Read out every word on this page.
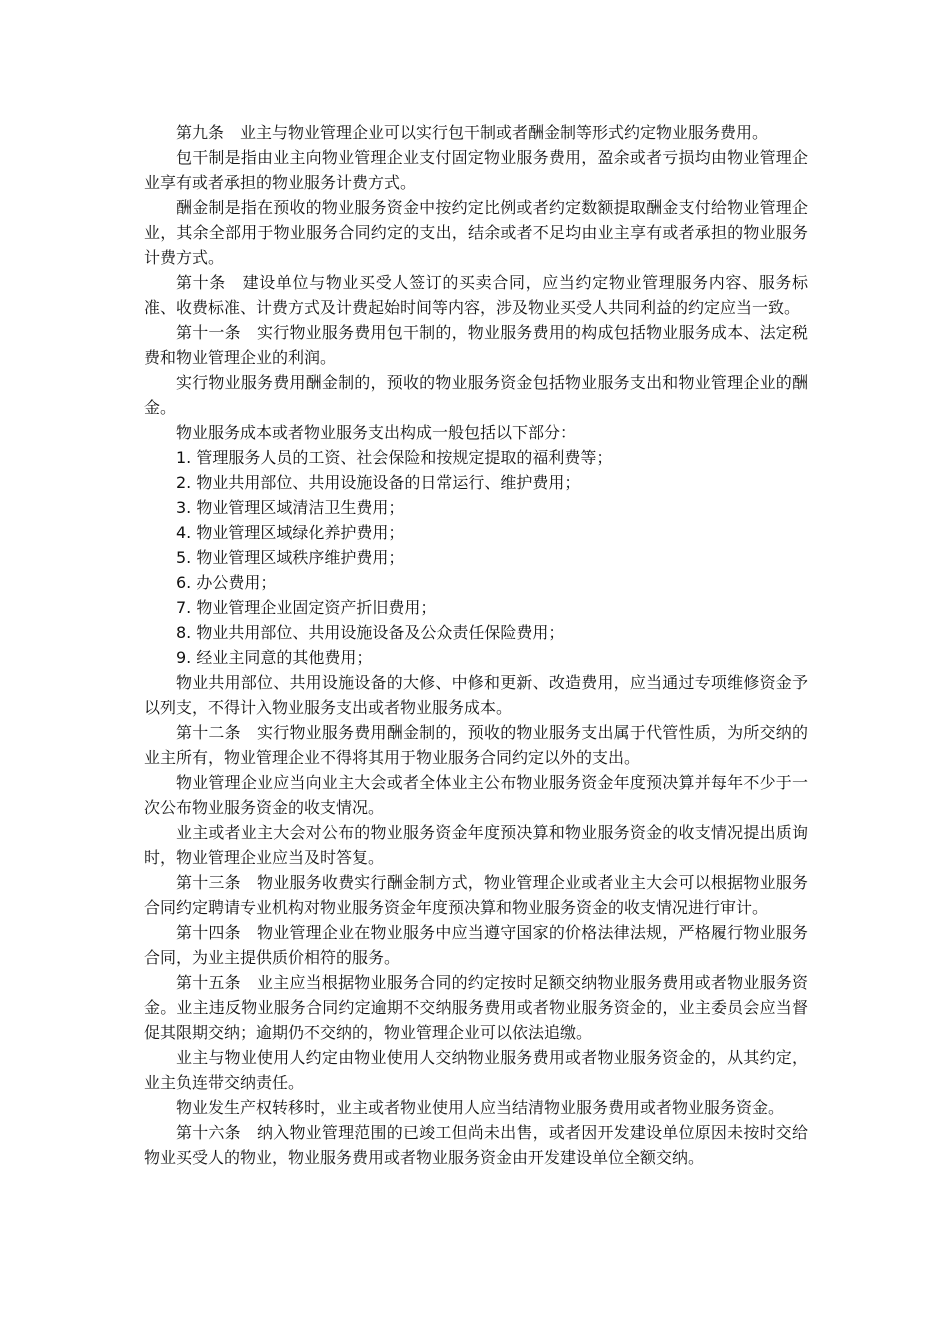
第九条　业主与物业管理企业可以实行包干制或者酬金制等形式约定物业服务费用。

包干制是指由业主向物业管理企业支付固定物业服务费用，盈余或者亏损均由物业管理企业享有或者承担的物业服务计费方式。

酬金制是指在预收的物业服务资金中按约定比例或者约定数额提取酬金支付给物业管理企业，其余全部用于物业服务合同约定的支出，结余或者不足均由业主享有或者承担的物业服务计费方式。

第十条　建设单位与物业买受人签订的买卖合同，应当约定物业管理服务内容、服务标准、收费标准、计费方式及计费起始时间等内容，涉及物业买受人共同利益的约定应当一致。

第十一条　实行物业服务费用包干制的，物业服务费用的构成包括物业服务成本、法定税费和物业管理企业的利润。

实行物业服务费用酬金制的，预收的物业服务资金包括物业服务支出和物业管理企业的酬金。

物业服务成本或者物业服务支出构成一般包括以下部分：

1. 管理服务人员的工资、社会保险和按规定提取的福利费等；

2. 物业共用部位、共用设施设备的日常运行、维护费用；

3. 物业管理区域清洁卫生费用；

4. 物业管理区域绿化养护费用；

5. 物业管理区域秩序维护费用；

6. 办公费用；

7. 物业管理企业固定资产折旧费用；

8. 物业共用部位、共用设施设备及公众责任保险费用；

9. 经业主同意的其他费用；

物业共用部位、共用设施设备的大修、中修和更新、改造费用，应当通过专项维修资金予以列支，不得计入物业服务支出或者物业服务成本。

第十二条　实行物业服务费用酬金制的，预收的物业服务支出属于代管性质，为所交纳的业主所有，物业管理企业不得将其用于物业服务合同约定以外的支出。

物业管理企业应当向业主大会或者全体业主公布物业服务资金年度预决算并每年不少于一次公布物业服务资金的收支情况。

业主或者业主大会对公布的物业服务资金年度预决算和物业服务资金的收支情况提出质询时，物业管理企业应当及时答复。

第十三条　物业服务收费实行酬金制方式，物业管理企业或者业主大会可以根据物业服务合同约定聘请专业机构对物业服务资金年度预决算和物业服务资金的收支情况进行审计。

第十四条　物业管理企业在物业服务中应当遵守国家的价格法律法规，严格履行物业服务合同，为业主提供质价相符的服务。

第十五条　业主应当根据物业服务合同的约定按时足额交纳物业服务费用或者物业服务资金。业主违反物业服务合同约定逾期不交纳服务费用或者物业服务资金的，业主委员会应当督促其限期交纳；逾期仍不交纳的，物业管理企业可以依法追缴。

业主与物业使用人约定由物业使用人交纳物业服务费用或者物业服务资金的，从其约定，业主负连带交纳责任。

物业发生产权转移时，业主或者物业使用人应当结清物业服务费用或者物业服务资金。

第十六条　纳入物业管理范围的已竣工但尚未出售，或者因开发建设单位原因未按时交给物业买受人的物业，物业服务费用或者物业服务资金由开发建设单位全额交纳。
